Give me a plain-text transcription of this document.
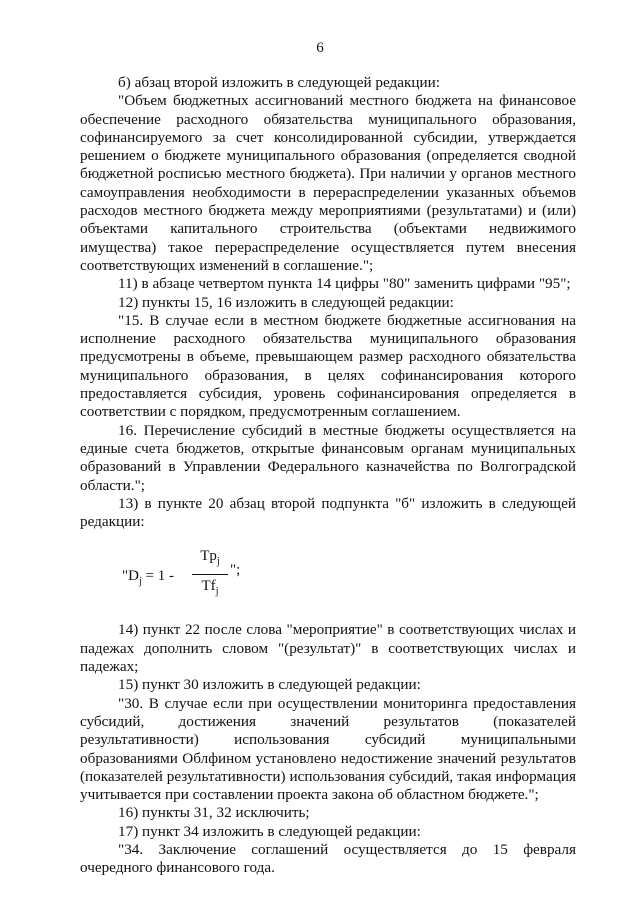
6

б) абзац второй изложить в следующей редакции:

"Объем бюджетных ассигнований местного бюджета на финансовое обеспечение расходного обязательства муниципального образования, софинансируемого за счет консолидированной субсидии, утверждается решением о бюджете муниципального образования (определяется сводной бюджетной росписью местного бюджета). При наличии у органов местного самоуправления необходимости в перераспределении указанных объемов расходов местного бюджета между мероприятиями (результатами) и (или) объектами капитального строительства (объектами недвижимого имущества) такое перераспределение осуществляется путем внесения соответствующих изменений в соглашение.";

11) в абзаце четвертом пункта 14 цифры "80" заменить цифрами "95";

12) пункты 15, 16 изложить в следующей редакции:

"15. В случае если в местном бюджете бюджетные ассигнования на исполнение расходного обязательства муниципального образования предусмотрены в объеме, превышающем размер расходного обязательства муниципального образования, в целях софинансирования которого предоставляется субсидия, уровень софинансирования определяется в соответствии с порядком, предусмотренным соглашением.

16. Перечисление субсидий в местные бюджеты осуществляется на единые счета бюджетов, открытые финансовым органам муниципальных образований в Управлении Федерального казначейства по Волгоградской области.";

13) в пункте 20 абзац второй подпункта "б" изложить в следующей редакции:

"$D_j = 1$ -
$Tp_j$
$Tf_j$
";

14) пункт 22 после слова "мероприятие" в соответствующих числах и падежах дополнить словом "(результат)" в соответствующих числах и падежах;

15) пункт 30 изложить в следующей редакции:

"30. В случае если при осуществлении мониторинга предоставления субсидий, достижения значений результатов (показателей результативности) использования субсидий муниципальными образованиями Облфином установлено недостижение значений результатов (показателей результативности) использования субсидий, такая информация учитывается при составлении проекта закона об областном бюджете.";

16) пункты 31, 32 исключить;

17) пункт 34 изложить в следующей редакции:

"34. Заключение соглашений осуществляется до 15 февраля очередного финансового года.
